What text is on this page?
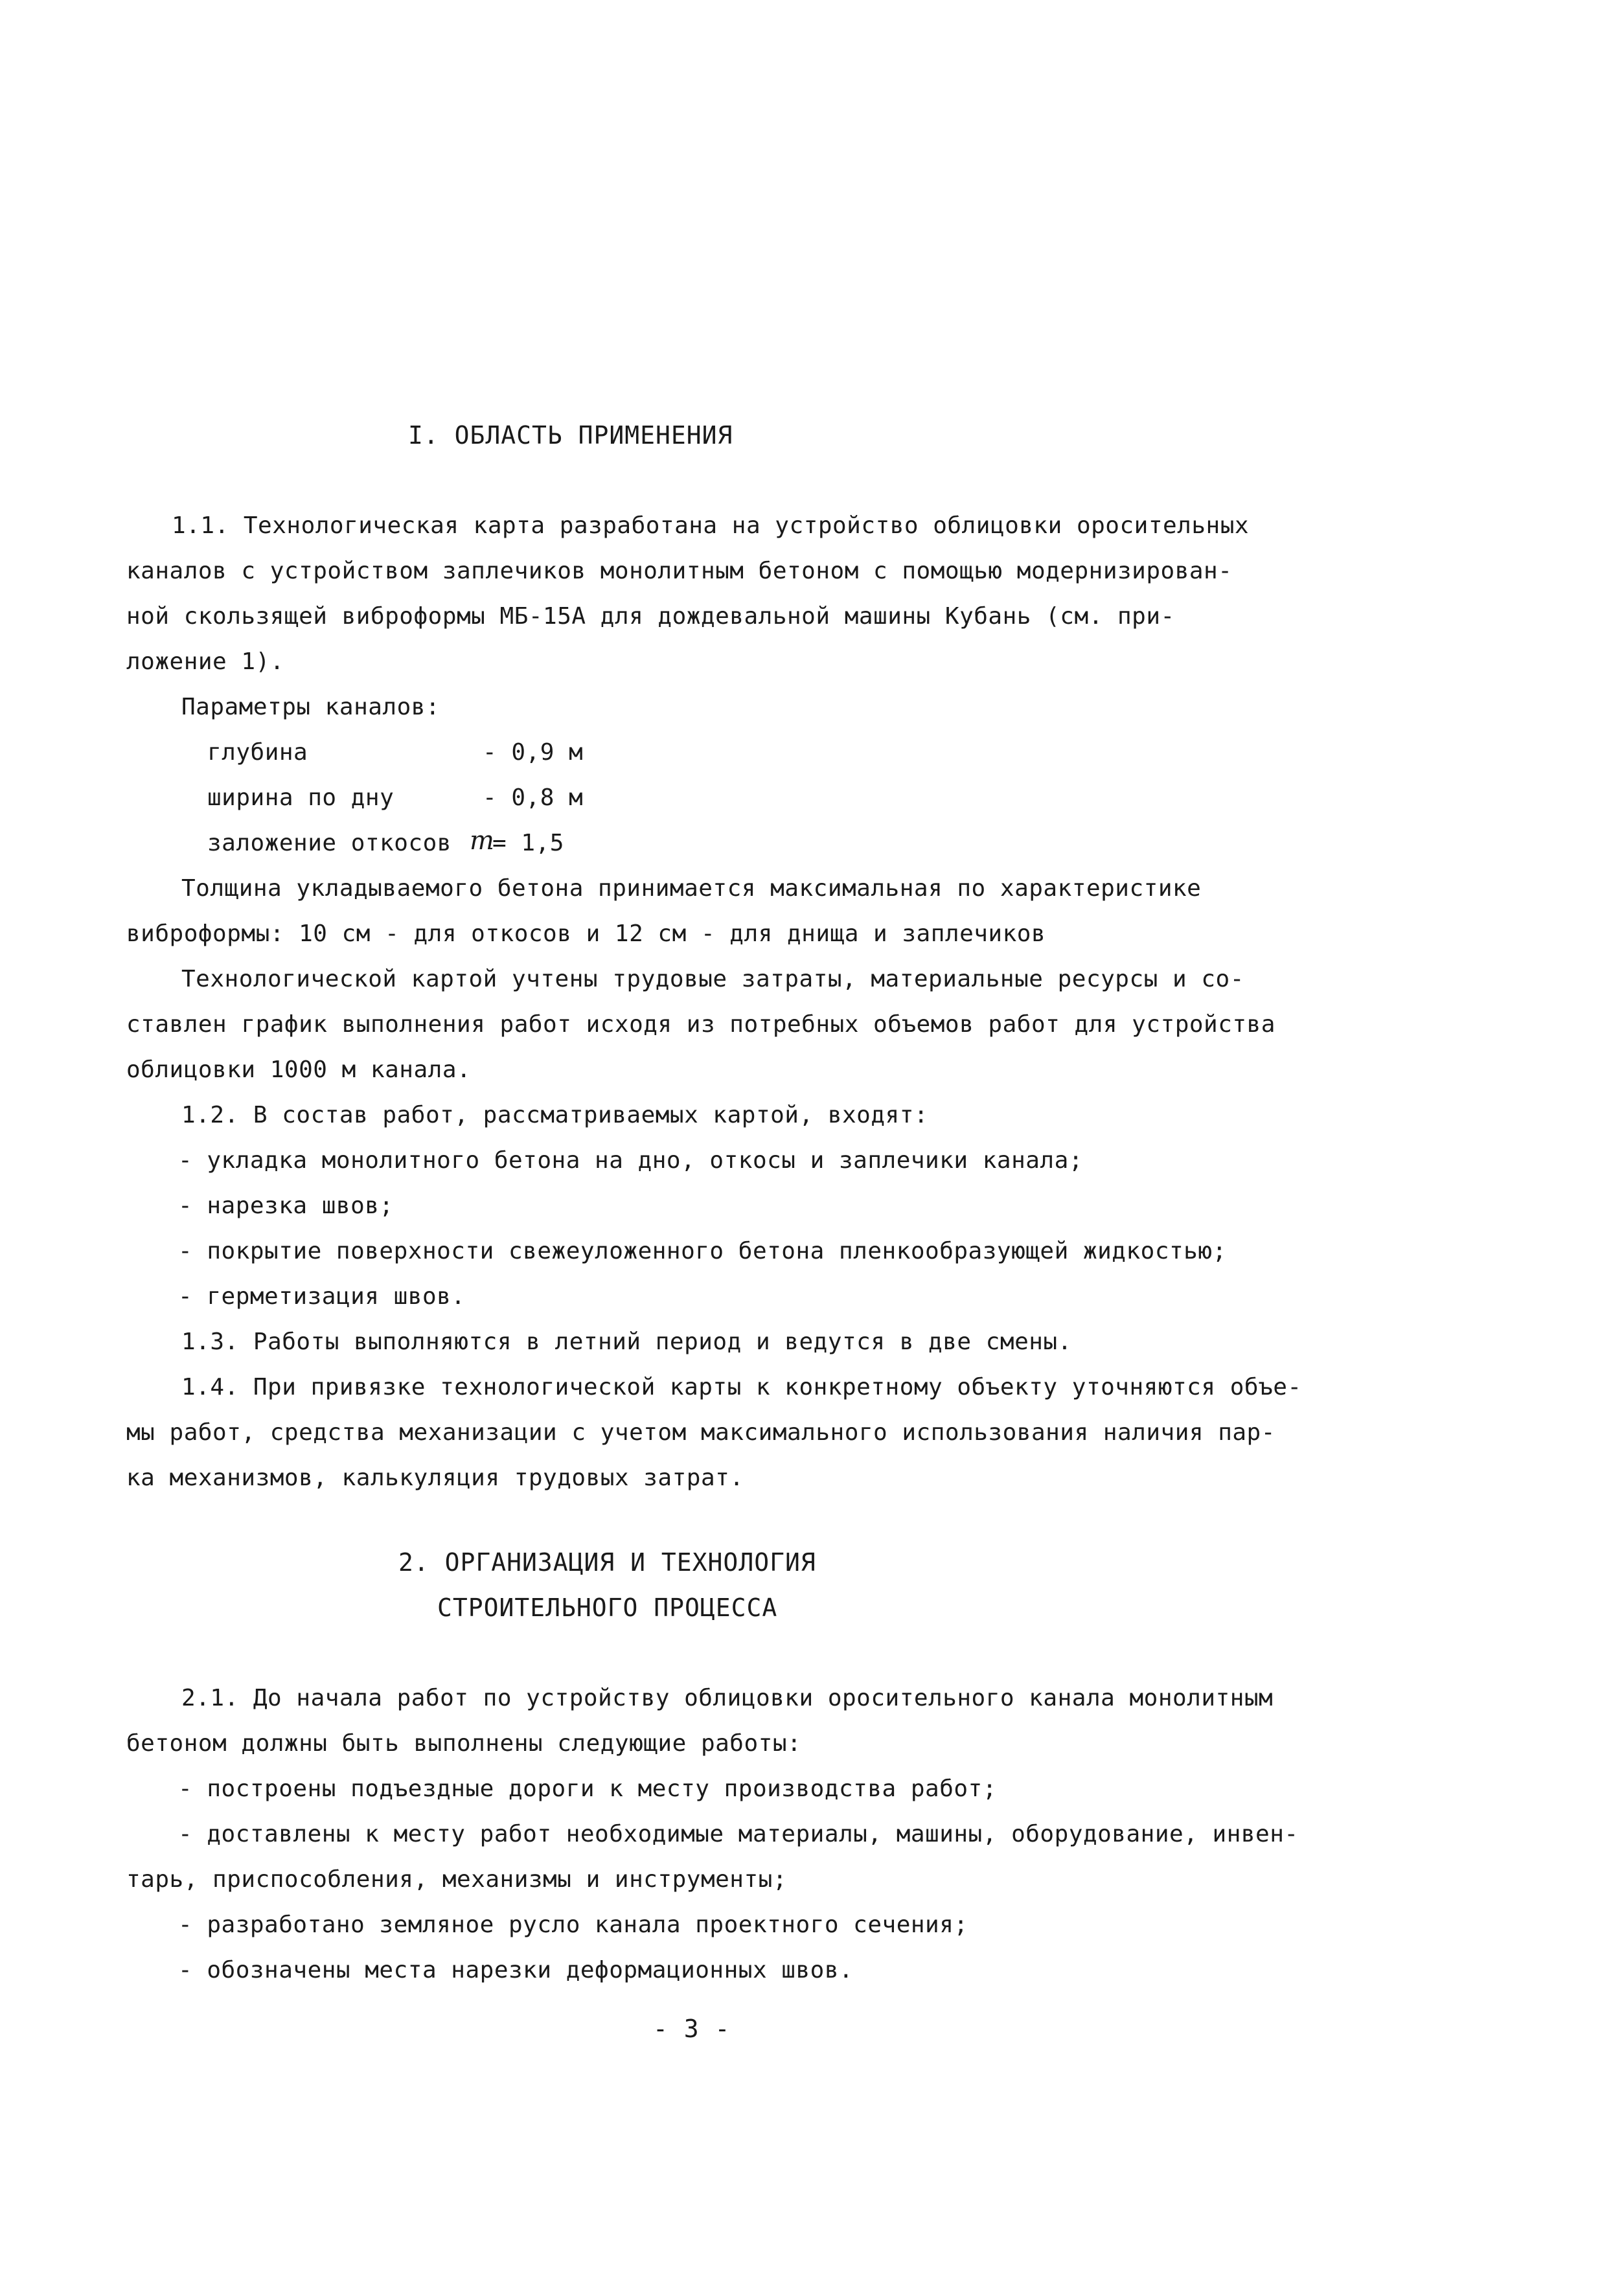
I. ОБЛАСТЬ ПРИМЕНЕНИЯ
1.1. Технологическая карта разработана на устройство облицовки оросительных
каналов с устройством заплечиков монолитным бетоном с помощью модернизирован-
ной скользящей виброформы МБ-15А для дождевальной машины Кубань (см. при-
ложение 1).
Параметры каналов:
глубина	- 0,9 м
ширина по дну	- 0,8 м
заложение откосов m
= 1,5
Толщина укладываемого бетона принимается максимальная по характеристике
виброформы: 10 см - для откосов и 12 см - для днища и заплечиков
Технологической картой учтены трудовые затраты, материальные ресурсы и со-
ставлен график выполнения работ исходя из потребных объемов работ для устройства
облицовки 1000 м канала.
1.2. В состав работ, рассматриваемых картой, входят:
- укладка монолитного бетона на дно, откосы и заплечики канала;
- нарезка швов;
- покрытие поверхности свежеуложенного бетона пленкообразующей жидкостью;
- герметизация швов.
1.3. Работы выполняются в летний период и ведутся в две смены.
1.4. При привязке технологической карты к конкретному объекту уточняются объе-
мы работ, средства механизации с учетом максимального использования наличия пар-
ка механизмов, калькуляция трудовых затрат.
2. ОРГАНИЗАЦИЯ И ТЕХНОЛОГИЯ
СТРОИТЕЛЬНОГО ПРОЦЕССА
2.1. До начала работ по устройству облицовки оросительного канала монолитным
бетоном должны быть выполнены следующие работы:
- построены подъездные дороги к месту производства работ;
- доставлены к месту работ необходимые материалы, машины, оборудование, инвен-
тарь, приспособления, механизмы и инструменты;
- разработано земляное русло канала проектного сечения;
- обозначены места нарезки деформационных швов.
- 3 -
